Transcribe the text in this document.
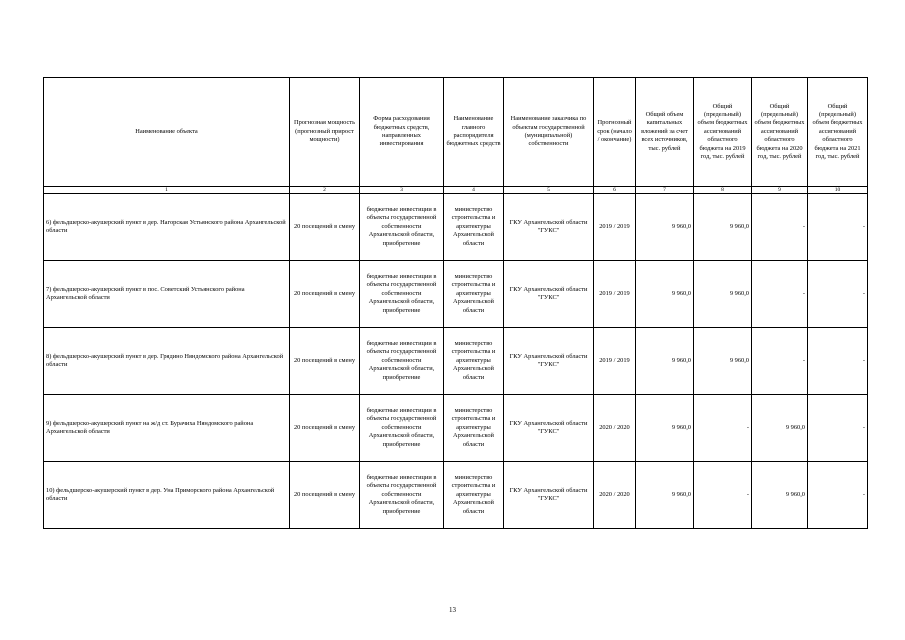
Наименование объекта	Прогнозная мощность (прогнозный прирост мощности)	Форма расходования бюджетных средств, направленных инвестирования	Наименование главного распорядителя бюджетных средств	Наименование заказчика по объектам государственной (муниципальной) собственности	Прогнозный срок (начало / окончание)	Общий объем капитальных вложений за счет всех источников, тыс. рублей	Общий (предельный) объем бюджетных ассигнований областного бюджета на 2019 год, тыс. рублей	Общий (предельный) объем бюджетных ассигнований областного бюджета на 2020 год, тыс. рублей	Общий (предельный) объем бюджетных ассигнований областного бюджета на 2021 год, тыс. рублей
1	2	3	4	5	6	7	8	9	10
6) фельдшерско-акушерский пункт в дер. Нагорская Устьянского района Архангельской области	20 посещений в смену	бюджетные инвестиции в объекты государственной собственности Архангельской области, приобретение	министерство строительства и архитектуры Архангельской области	ГКУ Архангельской области "ГУКС"	2019 / 2019	9 960,0	9 960,0	-	-
7) фельдшерско-акушерский пункт в пос. Советский Устьянского района Архангельской области	20 посещений в смену	бюджетные инвестиции в объекты государственной собственности Архангельской области, приобретение	министерство строительства и архитектуры Архангельской области	ГКУ Архангельской области "ГУКС"	2019 / 2019	9 960,0	9 960,0	-	-
8) фельдшерско-акушерский пункт в дер. Грядино Няндомского района Архангельской области	20 посещений в смену	бюджетные инвестиции в объекты государственной собственности Архангельской области, приобретение	министерство строительства и архитектуры Архангельской области	ГКУ Архангельской области "ГУКС"	2019 / 2019	9 960,0	9 960,0	-	-
9) фельдшерско-акушерский пункт на ж/д ст. Бурачиха Няндомского района Архангельской области	20 посещений в смену	бюджетные инвестиции в объекты государственной собственности Архангельской области, приобретение	министерство строительства и архитектуры Архангельской области	ГКУ Архангельской области "ГУКС"	2020 / 2020	9 960,0	-	9 960,0	-
10) фельдшерско-акушерский пункт в дер. Уна Приморского района Архангельской области	20 посещений в смену	бюджетные инвестиции в объекты государственной собственности Архангельской области, приобретение	министерство строительства и архитектуры Архангельской области	ГКУ Архангельской области "ГУКС"	2020 / 2020	9 960,0	-	9 960,0	-
13
